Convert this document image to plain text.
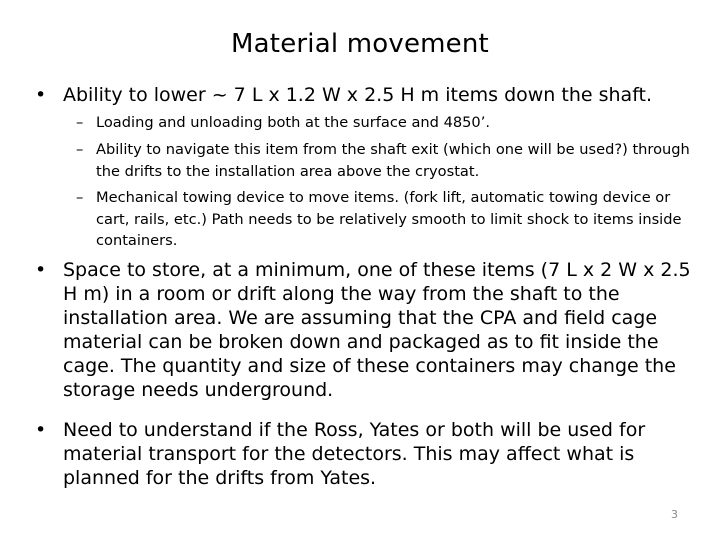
Material movement

• Ability to lower ~ 7 L x 1.2 W x 2.5 H m items down the shaft.

– Loading and unloading both at the surface and 4850’.

– Ability to navigate this item from the shaft exit (which one will be used?) through the drifts to the installation area above the cryostat.

– Mechanical towing device to move items. (fork lift, automatic towing device or cart, rails, etc.) Path needs to be relatively smooth to limit shock to items inside containers.

• Space to store, at a minimum, one of these items (7 L x 2 W x 2.5 H m) in a room or drift along the way from the shaft to the installation area. We are assuming that the CPA and field cage material can be broken down and packaged as to fit inside the cage. The quantity and size of these containers may change the storage needs underground.

• Need to understand if the Ross, Yates or both will be used for material transport for the detectors. This may affect what is planned for the drifts from Yates.

3
